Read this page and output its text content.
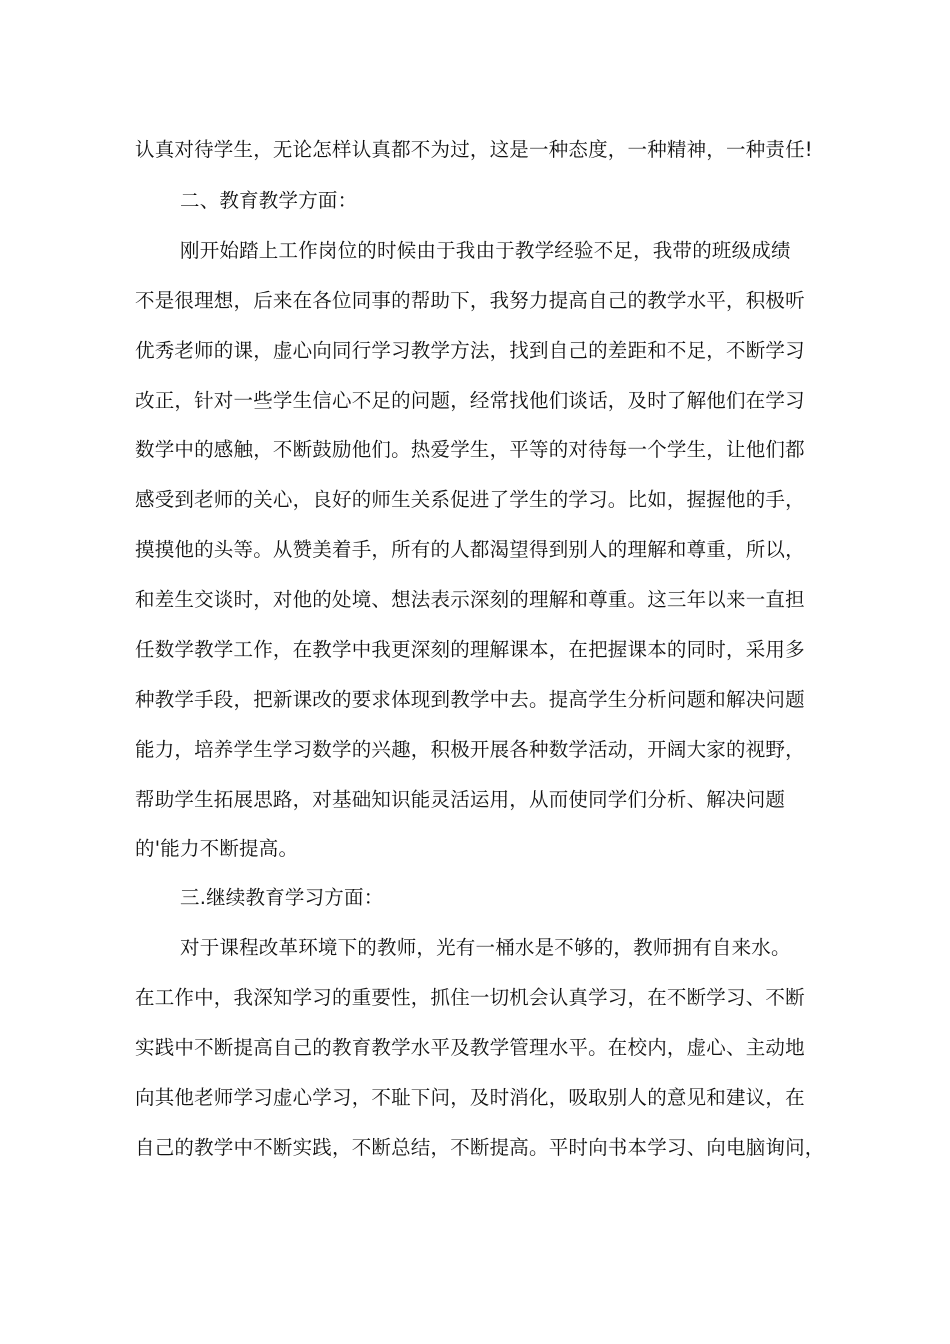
认真对待学生，无论怎样认真都不为过，这是一种态度，一种精神，一种责任!
二、教育教学方面：
刚开始踏上工作岗位的时候由于我由于教学经验不足，我带的班级成绩
不是很理想，后来在各位同事的帮助下，我努力提高自己的教学水平，积极听
优秀老师的课，虚心向同行学习教学方法，找到自己的差距和不足，不断学习
改正，针对一些学生信心不足的问题，经常找他们谈话，及时了解他们在学习
数学中的感触，不断鼓励他们。热爱学生，平等的对待每一个学生，让他们都
感受到老师的关心，良好的师生关系促进了学生的学习。比如，握握他的手，
摸摸他的头等。从赞美着手，所有的人都渴望得到别人的理解和尊重，所以，
和差生交谈时，对他的处境、想法表示深刻的理解和尊重。这三年以来一直担
任数学教学工作，在教学中我更深刻的理解课本，在把握课本的同时，采用多
种教学手段，把新课改的要求体现到教学中去。提高学生分析问题和解决问题
能力，培养学生学习数学的兴趣，积极开展各种数学活动，开阔大家的视野，
帮助学生拓展思路，对基础知识能灵活运用，从而使同学们分析、解决问题
的'能力不断提高。
三.继续教育学习方面：
对于课程改革环境下的教师，光有一桶水是不够的，教师拥有自来水。
在工作中，我深知学习的重要性，抓住一切机会认真学习，在不断学习、不断
实践中不断提高自己的教育教学水平及教学管理水平。在校内，虚心、主动地
向其他老师学习虚心学习，不耻下问，及时消化，吸取别人的意见和建议，在
自己的教学中不断实践，不断总结，不断提高。平时向书本学习、向电脑询问，
